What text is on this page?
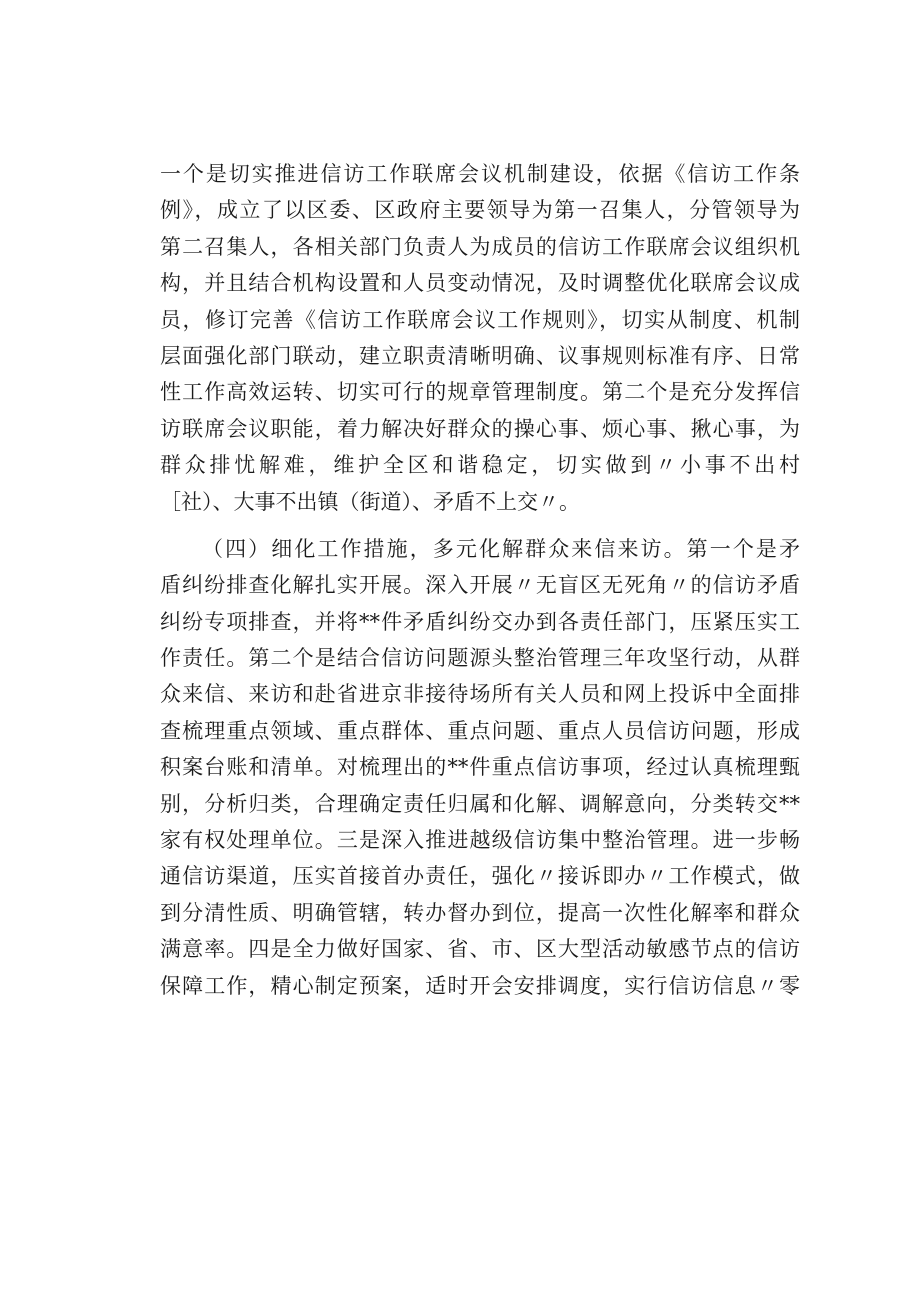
一个是切实推进信访工作联席会议机制建设，依据《信访工作条
例》，成立了以区委、区政府主要领导为第一召集人，分管领导为
第二召集人，各相关部门负责人为成员的信访工作联席会议组织机
构，并且结合机构设置和人员变动情况，及时调整优化联席会议成
员，修订完善《信访工作联席会议工作规则》，切实从制度、机制
层面强化部门联动，建立职责清晰明确、议事规则标准有序、日常
性工作高效运转、切实可行的规章管理制度。第二个是充分发挥信
访联席会议职能，着力解决好群众的操心事、烦心事、揪心事，为
群众排忧解难，维护全区和谐稳定，切实做到〃小事不出村
［社）、大事不出镇（街道）、矛盾不上交〃。
（四）细化工作措施，多元化解群众来信来访。第一个是矛
盾纠纷排查化解扎实开展。深入开展〃无盲区无死角〃的信访矛盾
纠纷专项排查，并将**件矛盾纠纷交办到各责任部门，压紧压实工
作责任。第二个是结合信访问题源头整治管理三年攻坚行动，从群
众来信、来访和赴省进京非接待场所有关人员和网上投诉中全面排
查梳理重点领域、重点群体、重点问题、重点人员信访问题，形成
积案台账和清单。对梳理出的**件重点信访事项，经过认真梳理甄
别，分析归类，合理确定责任归属和化解、调解意向，分类转交**
家有权处理单位。三是深入推进越级信访集中整治管理。进一步畅
通信访渠道，压实首接首办责任，强化〃接诉即办〃工作模式，做
到分清性质、明确管辖，转办督办到位，提高一次性化解率和群众
满意率。四是全力做好国家、省、市、区大型活动敏感节点的信访
保障工作，精心制定预案，适时开会安排调度，实行信访信息〃零
